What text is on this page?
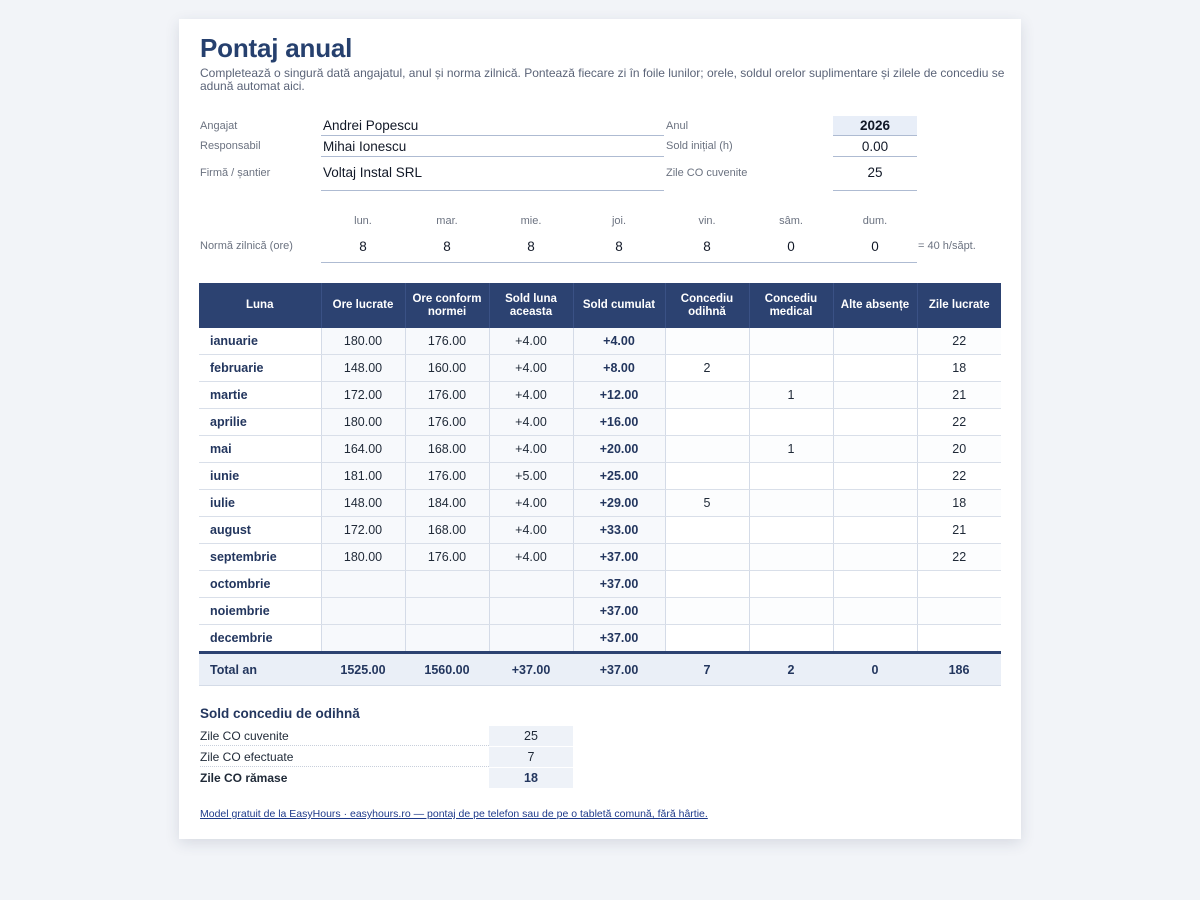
Pontaj anual
Completează o singură dată angajatul, anul și norma zilnică. Pontează fiecare zi în foile lunilor; orele, soldul orelor suplimentare și zilele de concediu se adună automat aici.
Angajat	Andrei Popescu
Responsabil	Mihai Ionescu
Firmă / șantier	Voltaj Instal SRL
Anul	2026
Sold inițial (h)	0.00
Zile CO cuvenite	25
lun.	mar.	mie.	joi.	vin.	sâm.	dum.
Normă zilnică (ore)	8	8	8	8	8	0	0	= 40 h/săpt.
Luna	Ore lucrate	Ore conform normei	Sold luna aceasta	Sold cumulat	Concediu odihnă	Concediu medical	Alte absențe	Zile lucrate
ianuarie	180.00	176.00	+4.00	+4.00				22
februarie	148.00	160.00	+4.00	+8.00	2			18
martie	172.00	176.00	+4.00	+12.00		1		21
aprilie	180.00	176.00	+4.00	+16.00				22
mai	164.00	168.00	+4.00	+20.00		1		20
iunie	181.00	176.00	+5.00	+25.00				22
iulie	148.00	184.00	+4.00	+29.00	5			18
august	172.00	168.00	+4.00	+33.00				21
septembrie	180.00	176.00	+4.00	+37.00				22
octombrie				+37.00				
noiembrie				+37.00				
decembrie				+37.00				
Total an	1525.00	1560.00	+37.00	+37.00	7	2	0	186
Sold concediu de odihnă
Zile CO cuvenite	25
Zile CO efectuate	7
Zile CO rămase	18
Model gratuit de la EasyHours · easyhours.ro — pontaj de pe telefon sau de pe o tabletă comună, fără hârtie.
